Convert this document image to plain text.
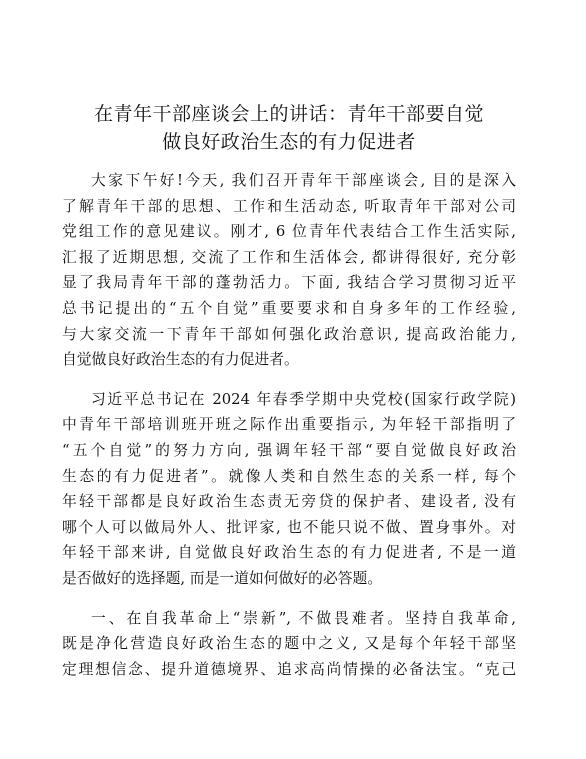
在青年干部座谈会上的讲话：青年干部要自觉
做良好政治生态的有力促进者
大家下午好!今天, 我们召开青年干部座谈会, 目的是深入
了解青年干部的思想、工作和生活动态, 听取青年干部对公司
党组工作的意见建议。刚才, 6 位青年代表结合工作生活实际,
汇报了近期思想, 交流了工作和生活体会, 都讲得很好, 充分彰
显了我局青年干部的蓬勃活力。下面, 我结合学习贯彻习近平
总书记提出的“五个自觉”重要要求和自身多年的工作经验,
与大家交流一下青年干部如何强化政治意识, 提高政治能力,
自觉做良好政治生态的有力促进者。
习近平总书记在 2024 年春季学期中央党校(国家行政学院)
中青年干部培训班开班之际作出重要指示, 为年轻干部指明了
“五个自觉”的努力方向, 强调年轻干部“要自觉做良好政治
生态的有力促进者”。就像人类和自然生态的关系一样, 每个
年轻干部都是良好政治生态责无旁贷的保护者、建设者, 没有
哪个人可以做局外人、批评家, 也不能只说不做、置身事外。对
年轻干部来讲, 自觉做良好政治生态的有力促进者, 不是一道
是否做好的选择题, 而是一道如何做好的必答题。
一、在自我革命上“崇新”, 不做畏难者。坚持自我革命,
既是净化营造良好政治生态的题中之义, 又是每个年轻干部坚
定理想信念、提升道德境界、追求高尚情操的必备法宝。“克己
